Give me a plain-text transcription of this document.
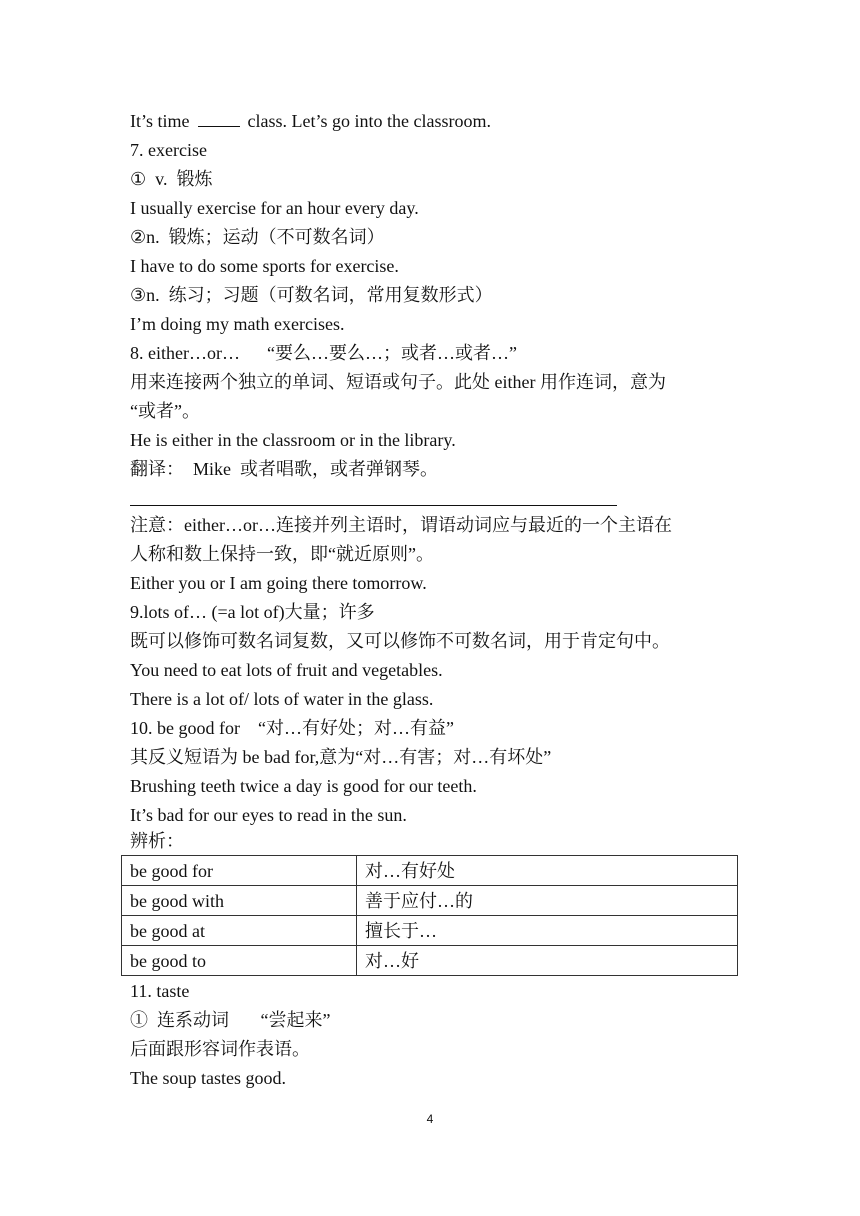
It’s time	class. Let’s go into the classroom.
7. exercise
①  v.  锻炼
I usually exercise for an hour every day.
②n.  锻炼；运动（不可数名词）
I have to do some sports for exercise.
③n.  练习；习题（可数名词，常用复数形式）
I’m doing my math exercises.
8. either…or…      “要么…要么…；或者…或者…”
用来连接两个独立的单词、短语或句子。此处 either 用作连词，意为
“或者”。
He is either in the classroom or in the library.
翻译：  Mike  或者唱歌，或者弹钢琴。
注意：either…or…连接并列主语时，谓语动词应与最近的一个主语在
人称和数上保持一致，即“就近原则”。
Either you or I am going there tomorrow.
9.lots of… (=a lot of)大量；许多
既可以修饰可数名词复数，又可以修饰不可数名词，用于肯定句中。
You need to eat lots of fruit and vegetables.
There is a lot of/ lots of water in the glass.
10. be good for    “对…有好处；对…有益”
其反义短语为 be bad for,意为“对…有害；对…有坏处”
Brushing teeth twice a day is good for our teeth.
It’s bad for our eyes to read in the sun.
辨析：
be good for	对…有好处
be good with	善于应付…的
be good at	擅长于…
be good to	对…好
11. taste
①  连系动词       “尝起来”
后面跟形容词作表语。
The soup tastes good.
4
